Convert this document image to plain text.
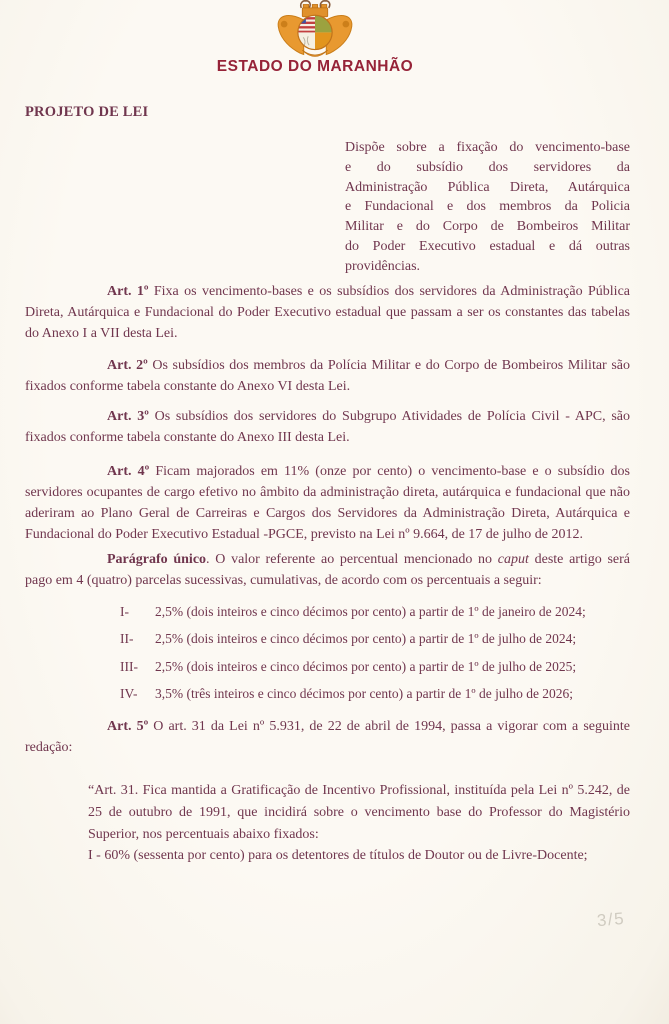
ESTADO DO MARANHÃO
PROJETO DE LEI
Dispõe sobre a fixação do vencimento-base
e do subsídio dos servidores da
Administração Pública Direta, Autárquica
e Fundacional e dos membros da Policia
Militar e do Corpo de Bombeiros Militar
do Poder Executivo estadual e dá outras
providências.

Art. 1º Fixa os vencimento-bases e os subsídios dos servidores da Administração Pública Direta, Autárquica e Fundacional do Poder Executivo estadual que passam a ser os constantes das tabelas do Anexo I a VII desta Lei.

Art. 2º Os subsídios dos membros da Polícia Militar e do Corpo de Bombeiros Militar são fixados conforme tabela constante do Anexo VI desta Lei.

Art. 3º Os subsídios dos servidores do Subgrupo Atividades de Polícia Civil - APC, são fixados conforme tabela constante do Anexo III desta Lei.

Art. 4º Ficam majorados em 11% (onze por cento) o vencimento-base e o subsídio dos servidores ocupantes de cargo efetivo no âmbito da administração direta, autárquica e fundacional que não aderiram ao Plano Geral de Carreiras e Cargos dos Servidores da Administração Direta, Autárquica e Fundacional do Poder Executivo Estadual -PGCE, previsto na Lei nº 9.664, de 17 de julho de 2012.

Parágrafo único. O valor referente ao percentual mencionado no caput deste artigo será pago em 4 (quatro) parcelas sucessivas, cumulativas, de acordo com os percentuais a seguir:

I-	2,5% (dois inteiros e cinco décimos por cento) a partir de 1º de janeiro de 2024;
II-	2,5% (dois inteiros e cinco décimos por cento) a partir de 1º de julho de 2024;
III-	2,5% (dois inteiros e cinco décimos por cento) a partir de 1º de julho de 2025;
IV-	3,5% (três inteiros e cinco décimos por cento) a partir de 1º de julho de 2026;

Art. 5º O art. 31 da Lei nº 5.931, de 22 de abril de 1994, passa a vigorar com a seguinte redação:

“Art. 31. Fica mantida a Gratificação de Incentivo Profissional, instituída pela Lei nº 5.242, de 25 de outubro de 1991, que incidirá sobre o vencimento base do Professor do Magistério Superior, nos percentuais abaixo fixados:

I - 60% (sessenta por cento) para os detentores de títulos de Doutor ou de Livre-Docente;

3/5
